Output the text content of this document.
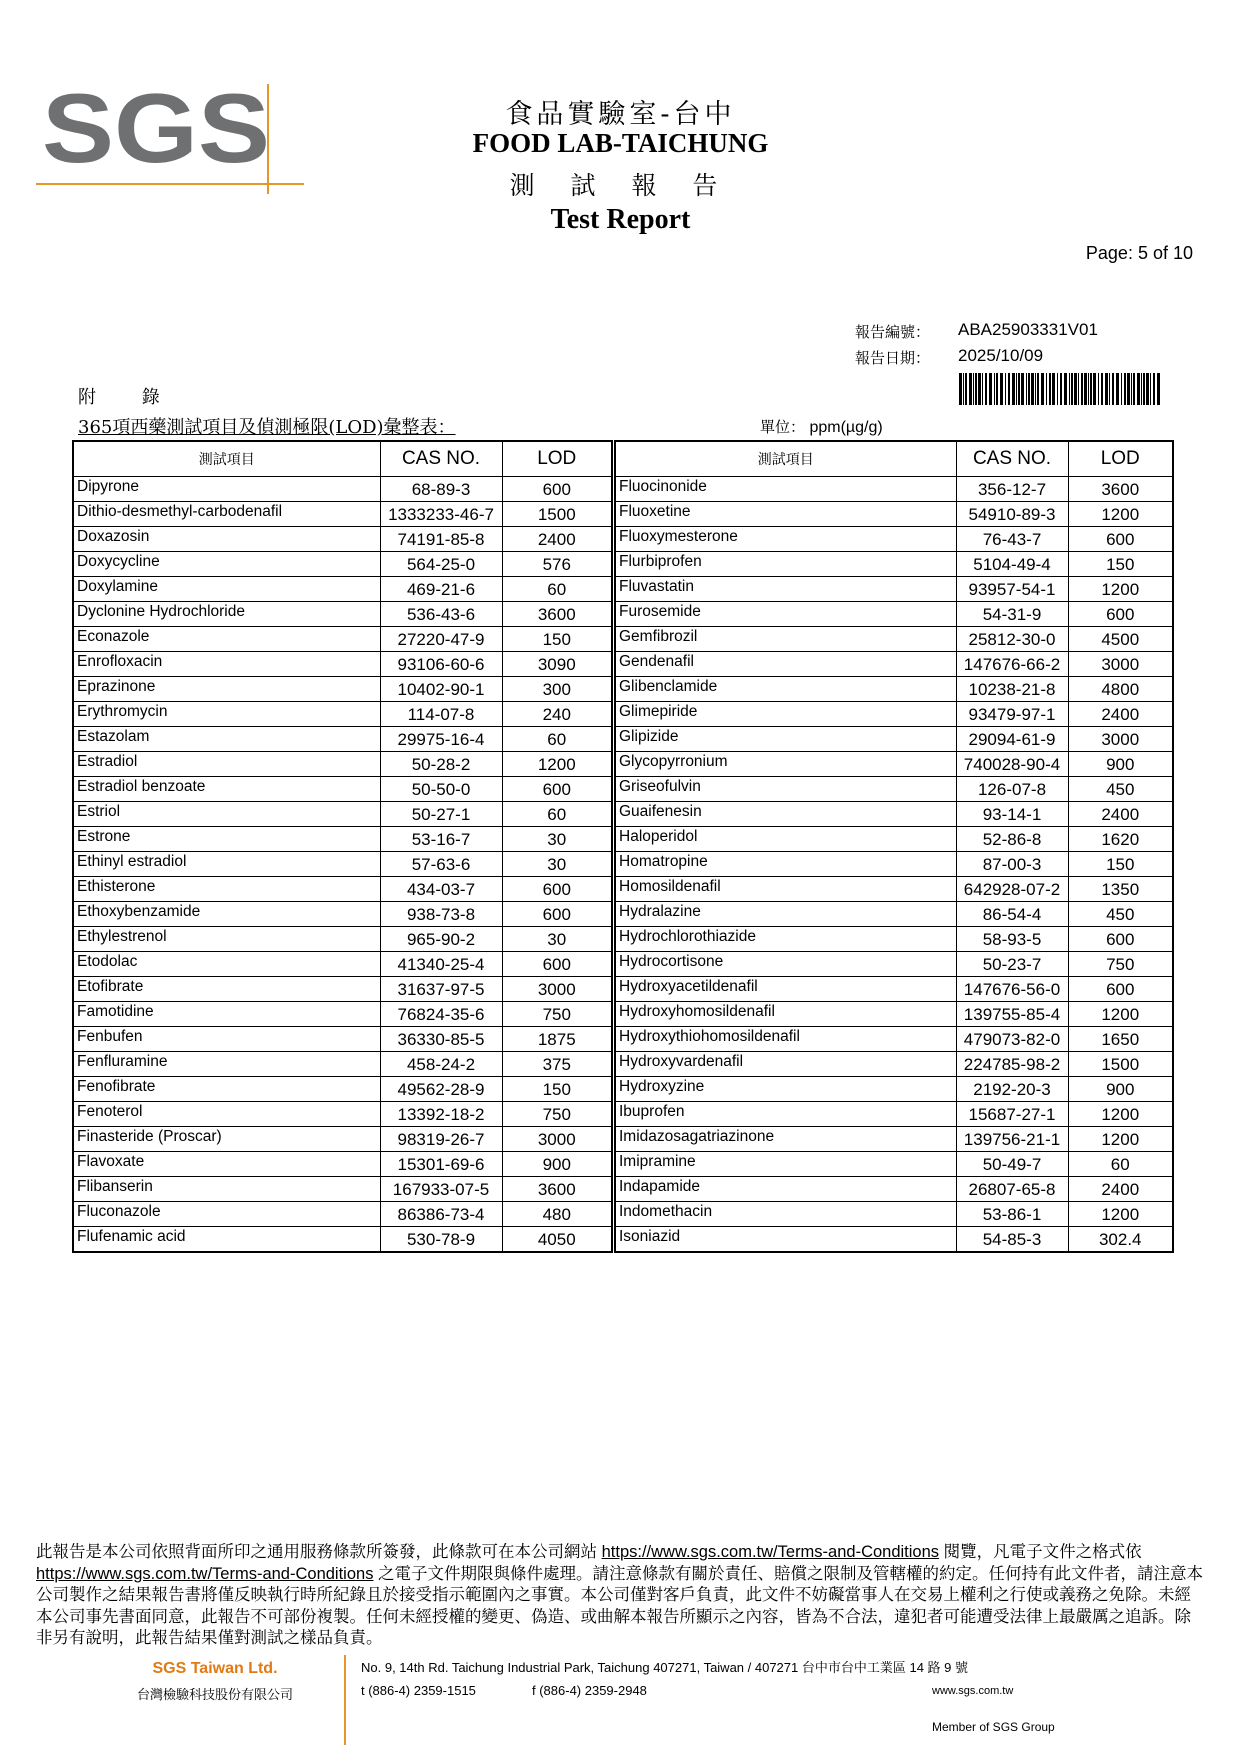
SGS	食品實驗室-台中
FOOD LAB-TAICHUNG
測 試 報 告
Test Report
Page: 5 of 10
報告編號： ABA25903331V01
報告日期： 2025/10/09
附 錄
365項西藥測試項目及偵測極限(LOD)彙整表：	單位： ppm(µg/g)
測試項目	CAS NO.	LOD
Dipyrone	68-89-3	600
Dithio-desmethyl-carbodenafil	1333233-46-7	1500
Doxazosin	74191-85-8	2400
Doxycycline	564-25-0	576
Doxylamine	469-21-6	60
Dyclonine Hydrochloride	536-43-6	3600
Econazole	27220-47-9	150
Enrofloxacin	93106-60-6	3090
Eprazinone	10402-90-1	300
Erythromycin	114-07-8	240
Estazolam	29975-16-4	60
Estradiol	50-28-2	1200
Estradiol benzoate	50-50-0	600
Estriol	50-27-1	60
Estrone	53-16-7	30
Ethinyl estradiol	57-63-6	30
Ethisterone	434-03-7	600
Ethoxybenzamide	938-73-8	600
Ethylestrenol	965-90-2	30
Etodolac	41340-25-4	600
Etofibrate	31637-97-5	3000
Famotidine	76824-35-6	750
Fenbufen	36330-85-5	1875
Fenfluramine	458-24-2	375
Fenofibrate	49562-28-9	150
Fenoterol	13392-18-2	750
Finasteride (Proscar)	98319-26-7	3000
Flavoxate	15301-69-6	900
Flibanserin	167933-07-5	3600
Fluconazole	86386-73-4	480
Flufenamic acid	530-78-9	4050
測試項目	CAS NO.	LOD
Fluocinonide	356-12-7	3600
Fluoxetine	54910-89-3	1200
Fluoxymesterone	76-43-7	600
Flurbiprofen	5104-49-4	150
Fluvastatin	93957-54-1	1200
Furosemide	54-31-9	600
Gemfibrozil	25812-30-0	4500
Gendenafil	147676-66-2	3000
Glibenclamide	10238-21-8	4800
Glimepiride	93479-97-1	2400
Glipizide	29094-61-9	3000
Glycopyrronium	740028-90-4	900
Griseofulvin	126-07-8	450
Guaifenesin	93-14-1	2400
Haloperidol	52-86-8	1620
Homatropine	87-00-3	150
Homosildenafil	642928-07-2	1350
Hydralazine	86-54-4	450
Hydrochlorothiazide	58-93-5	600
Hydrocortisone	50-23-7	750
Hydroxyacetildenafil	147676-56-0	600
Hydroxyhomosildenafil	139755-85-4	1200
Hydroxythiohomosildenafil	479073-82-0	1650
Hydroxyvardenafil	224785-98-2	1500
Hydroxyzine	2192-20-3	900
Ibuprofen	15687-27-1	1200
Imidazosagatriazinone	139756-21-1	1200
Imipramine	50-49-7	60
Indapamide	26807-65-8	2400
Indomethacin	53-86-1	1200
Isoniazid	54-85-3	302.4
此報告是本公司依照背面所印之通用服務條款所簽發，此條款可在本公司網站 https://www.sgs.com.tw/Terms-and-Conditions 閱覽，凡電子文件之格式依
https://www.sgs.com.tw/Terms-and-Conditions 之電子文件期限與條件處理。請注意條款有關於責任、賠償之限制及管轄權的約定。任何持有此文件者，請注意本公司製作之結果報告書將僅反映執行時所紀錄且於接受指示範圍內之事實。本公司僅對客戶負責，此文件不妨礙當事人在交易上權利之行使或義務之免除。未經本公司事先書面同意，此報告不可部份複製。任何未經授權的變更、偽造、或曲解本報告所顯示之內容，皆為不合法，違犯者可能遭受法律上最嚴厲之追訴。除非另有說明，此報告結果僅對測試之樣品負責。
SGS Taiwan Ltd.
台灣檢驗科技股份有限公司
No. 9, 14th Rd. Taichung Industrial Park, Taichung 407271, Taiwan / 407271 台中市台中工業區 14 路 9 號
t (886-4) 2359-1515	f (886-4) 2359-2948	www.sgs.com.tw
Member of SGS Group
